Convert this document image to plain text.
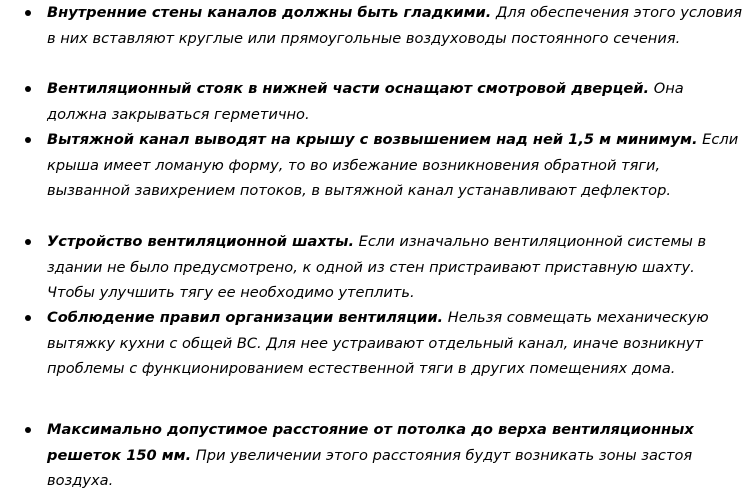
Внутренние стены каналов должны быть гладкими. Для обеспечения этого условия в них вставляют круглые или прямоугольные воздуховоды постоянного сечения.
Вентиляционный стояк в нижней части оснащают смотровой дверцей. Она должна закрываться герметично.
Вытяжной канал выводят на крышу с возвышением над ней 1,5 м минимум. Если крыша имеет ломаную форму, то во избежание возникновения обратной тяги, вызванной завихрением потоков, в вытяжной канал устанавливают дефлектор.
Устройство вентиляционной шахты. Если изначально вентиляционной системы в здании не было предусмотрено, к одной из стен пристраивают приставную шахту. Чтобы улучшить тягу ее необходимо утеплить.
Соблюдение правил организации вентиляции. Нельзя совмещать механическую вытяжку кухни с общей ВС. Для нее устраивают отдельный канал, иначе возникнут проблемы с функционированием естественной тяги в других помещениях дома.
Максимально допустимое расстояние от потолка до верха вентиляционных решеток 150 мм. При увеличении этого расстояния будут возникать зоны застоя воздуха.
